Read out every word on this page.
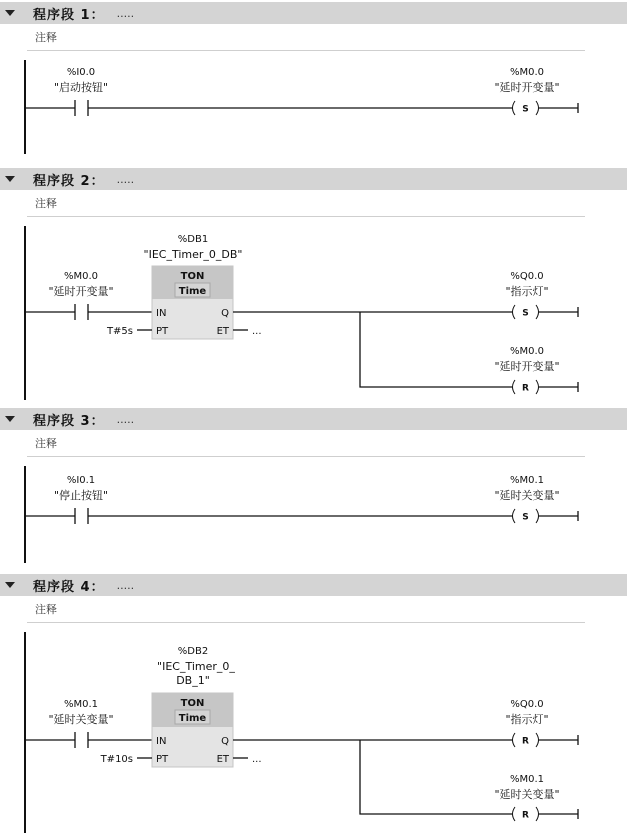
程序段 1： .....
注释
%I0.0
"启动按钮"
S
%M0.0
"延时开变量"
程序段 2： .....
注释
%M0.0
"延时开变量"
%DB1
"IEC_Timer_0_DB"
TON
Time
IN
PT
Q
ET
T#5s	...
S
%Q0.0
"指示灯"
R
%M0.0
"延时开变量"
程序段 3： .....
注释
%I0.1
"停止按钮"
S
%M0.1
"延时关变量"
程序段 4： .....
注释
%M0.1
"延时关变量"
%DB2
"IEC_Timer_0_
DB_1"
TON
Time
IN
PT
Q
ET
T#10s	...
R
%Q0.0
"指示灯"
R
%M0.1
"延时关变量"
